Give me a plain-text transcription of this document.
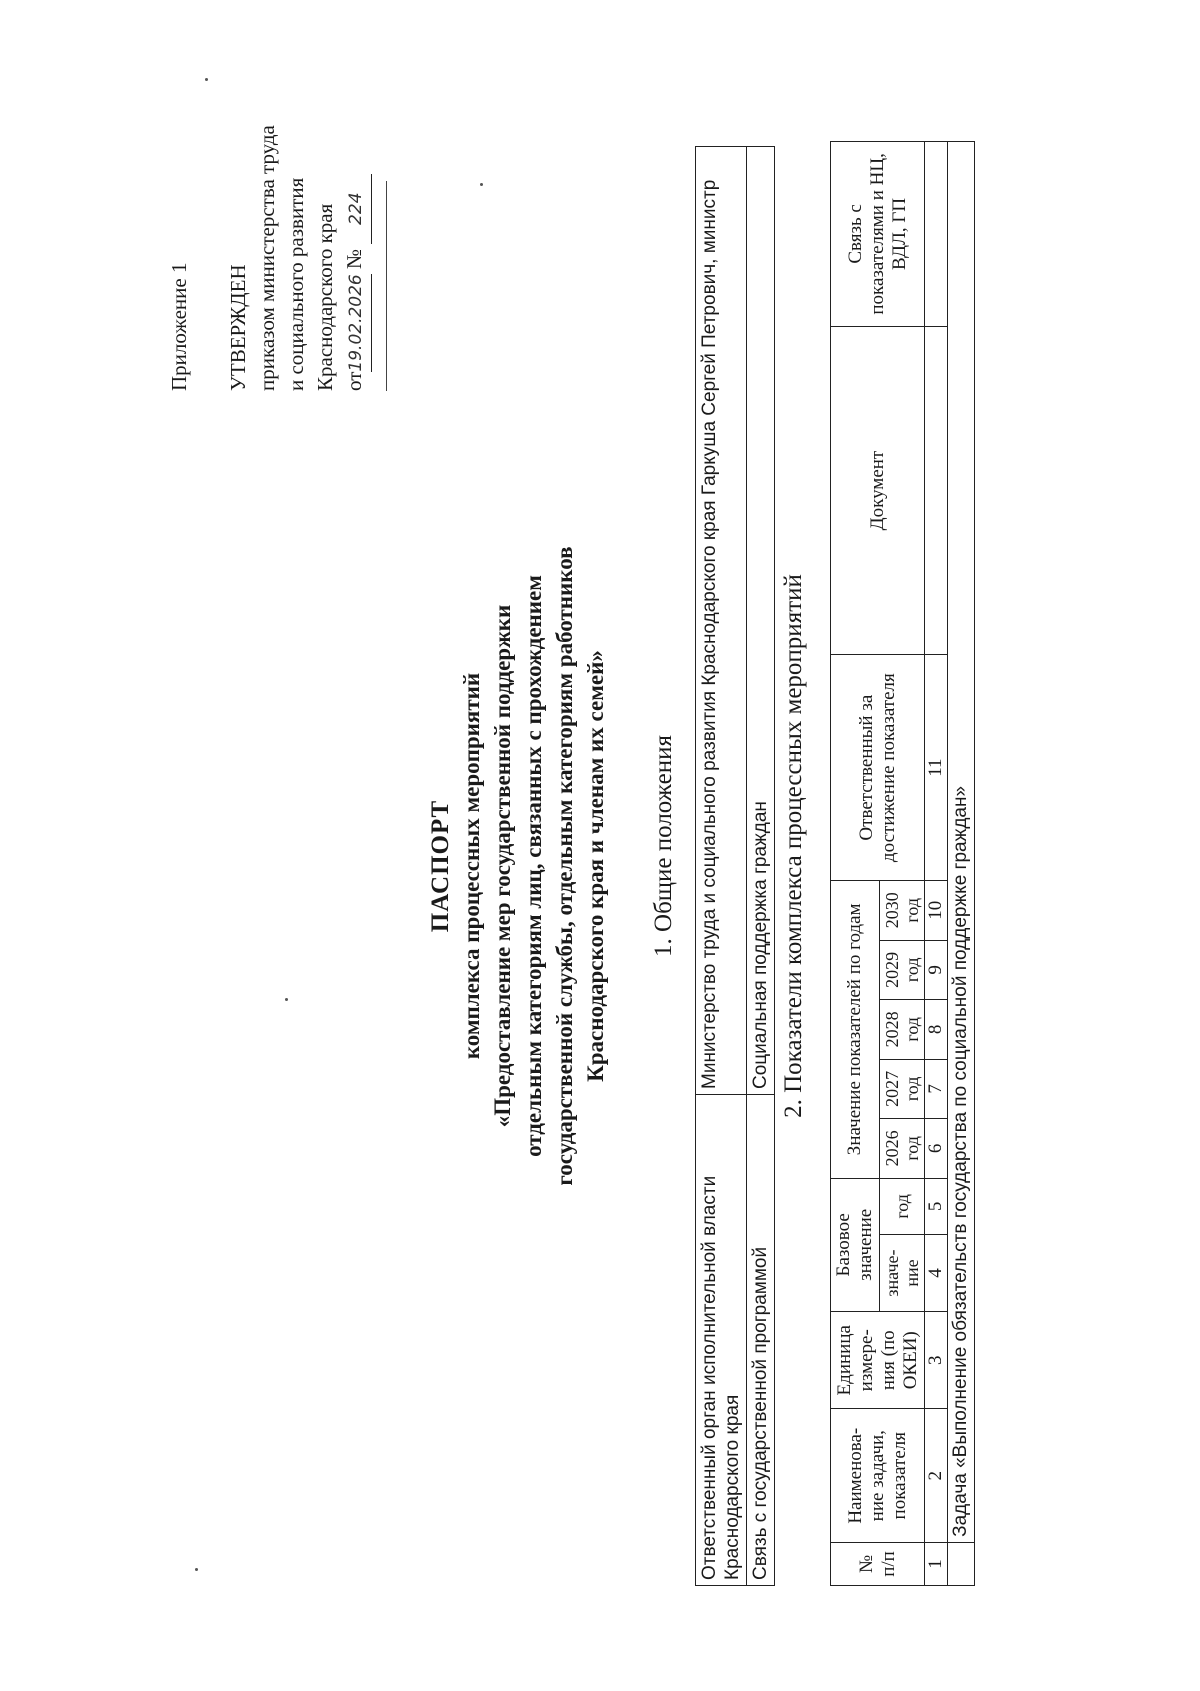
Приложение 1 УТВЕРЖДЕН приказом министерства труда и социального развития Краснодарского края от19.02.2026 № 224
ПАСПОРТ комплекса процессных мероприятий «Предоставление мер государственной поддержки отдельным категориям лиц, связанных с прохождением государственной службы, отдельным категориям работников Краснодарского края и членам их семей» 1. Общие положения
Ответственный орган исполнительной власти Краснодарского края	Министерство труда и социального развития Краснодарского края Гаркуша Сергей Петрович, министр
Связь с государственной программой	Социальная поддержка граждан 2. Показатели комплекса процессных мероприятий
№ п/п	Наименова-ние задачи, показателя	Единица измере-ния (по ОКЕИ)	Базовое значение		Значение показателей по годам					Ответственный за достижение показателя	Документ	Связь с показателями и НЦ, ВДЛ, ГП
			значе-ние	год	2026 год	2027 год	2028 год	2029 год	2030 год			
1	2	3	4	5	6	7	8	9	10	11		
	Задача «Выполнение обязательств государства по социальной поддержке граждан»											
